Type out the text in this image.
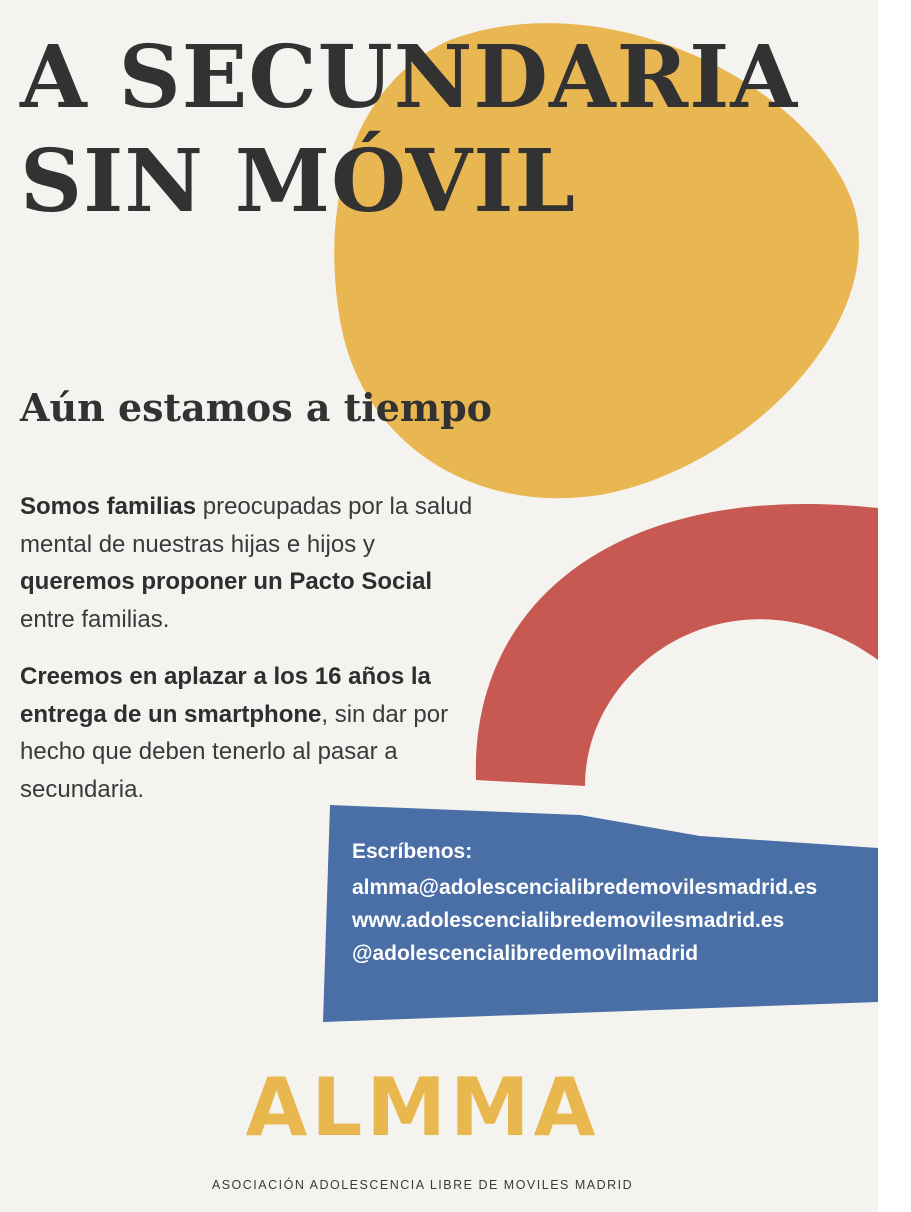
A SECUNDARIA
SIN MÓVIL
Aún estamos a tiempo

Somos familias preocupadas por la salud mental de nuestras hijas e hijos y queremos proponer un Pacto Social entre familias.

Creemos en aplazar a los 16 años la entrega de un smartphone, sin dar por hecho que deben tenerlo al pasar a secundaria.

Escríbenos:
almma@adolescencialibredemovilesmadrid.es
www.adolescencialibredemovilesmadrid.es
@adolescencialibredemovilmadrid
ALMMA
ASOCIACIÓN ADOLESCENCIA LIBRE DE MOVILES MADRID
